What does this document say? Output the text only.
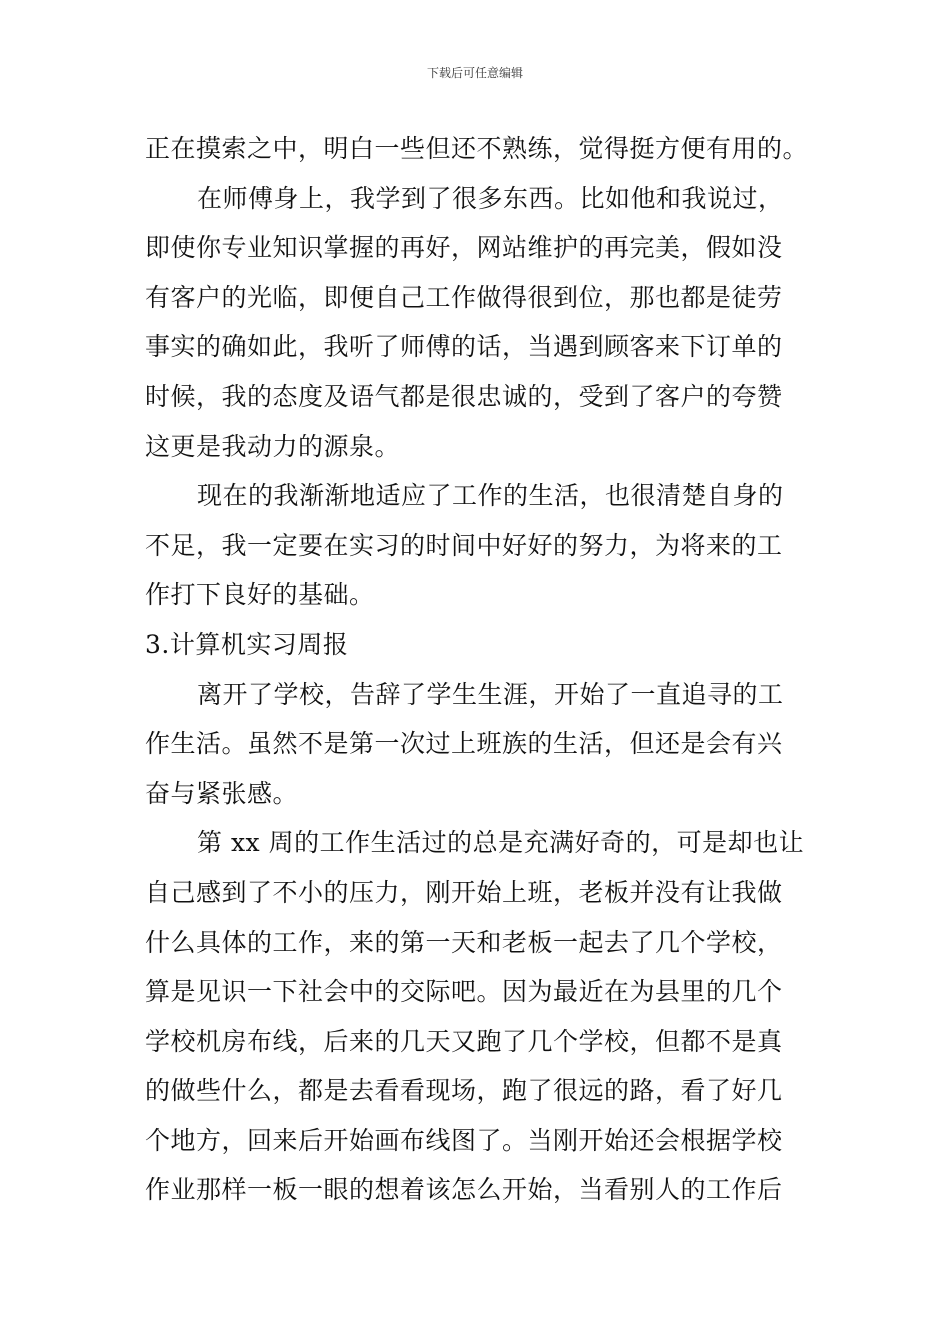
下载后可任意编辑
正在摸索之中，明白一些但还不熟练，觉得挺方便有用的。
在师傅身上，我学到了很多东西。比如他和我说过，
即使你专业知识掌握的再好，网站维护的再完美，假如没
有客户的光临，即便自己工作做得很到位，那也都是徒劳
事实的确如此，我听了师傅的话，当遇到顾客来下订单的
时候，我的态度及语气都是很忠诚的，受到了客户的夸赞
这更是我动力的源泉。
现在的我渐渐地适应了工作的生活，也很清楚自身的
不足，我一定要在实习的时间中好好的努力，为将来的工
作打下良好的基础。
3.计算机实习周报
离开了学校，告辞了学生生涯，开始了一直追寻的工
作生活。虽然不是第一次过上班族的生活，但还是会有兴
奋与紧张感。
第 xx 周的工作生活过的总是充满好奇的，可是却也让
自己感到了不小的压力，刚开始上班，老板并没有让我做
什么具体的工作，来的第一天和老板一起去了几个学校，
算是见识一下社会中的交际吧。因为最近在为县里的几个
学校机房布线，后来的几天又跑了几个学校，但都不是真
的做些什么，都是去看看现场，跑了很远的路，看了好几
个地方，回来后开始画布线图了。当刚开始还会根据学校
作业那样一板一眼的想着该怎么开始，当看别人的工作后
